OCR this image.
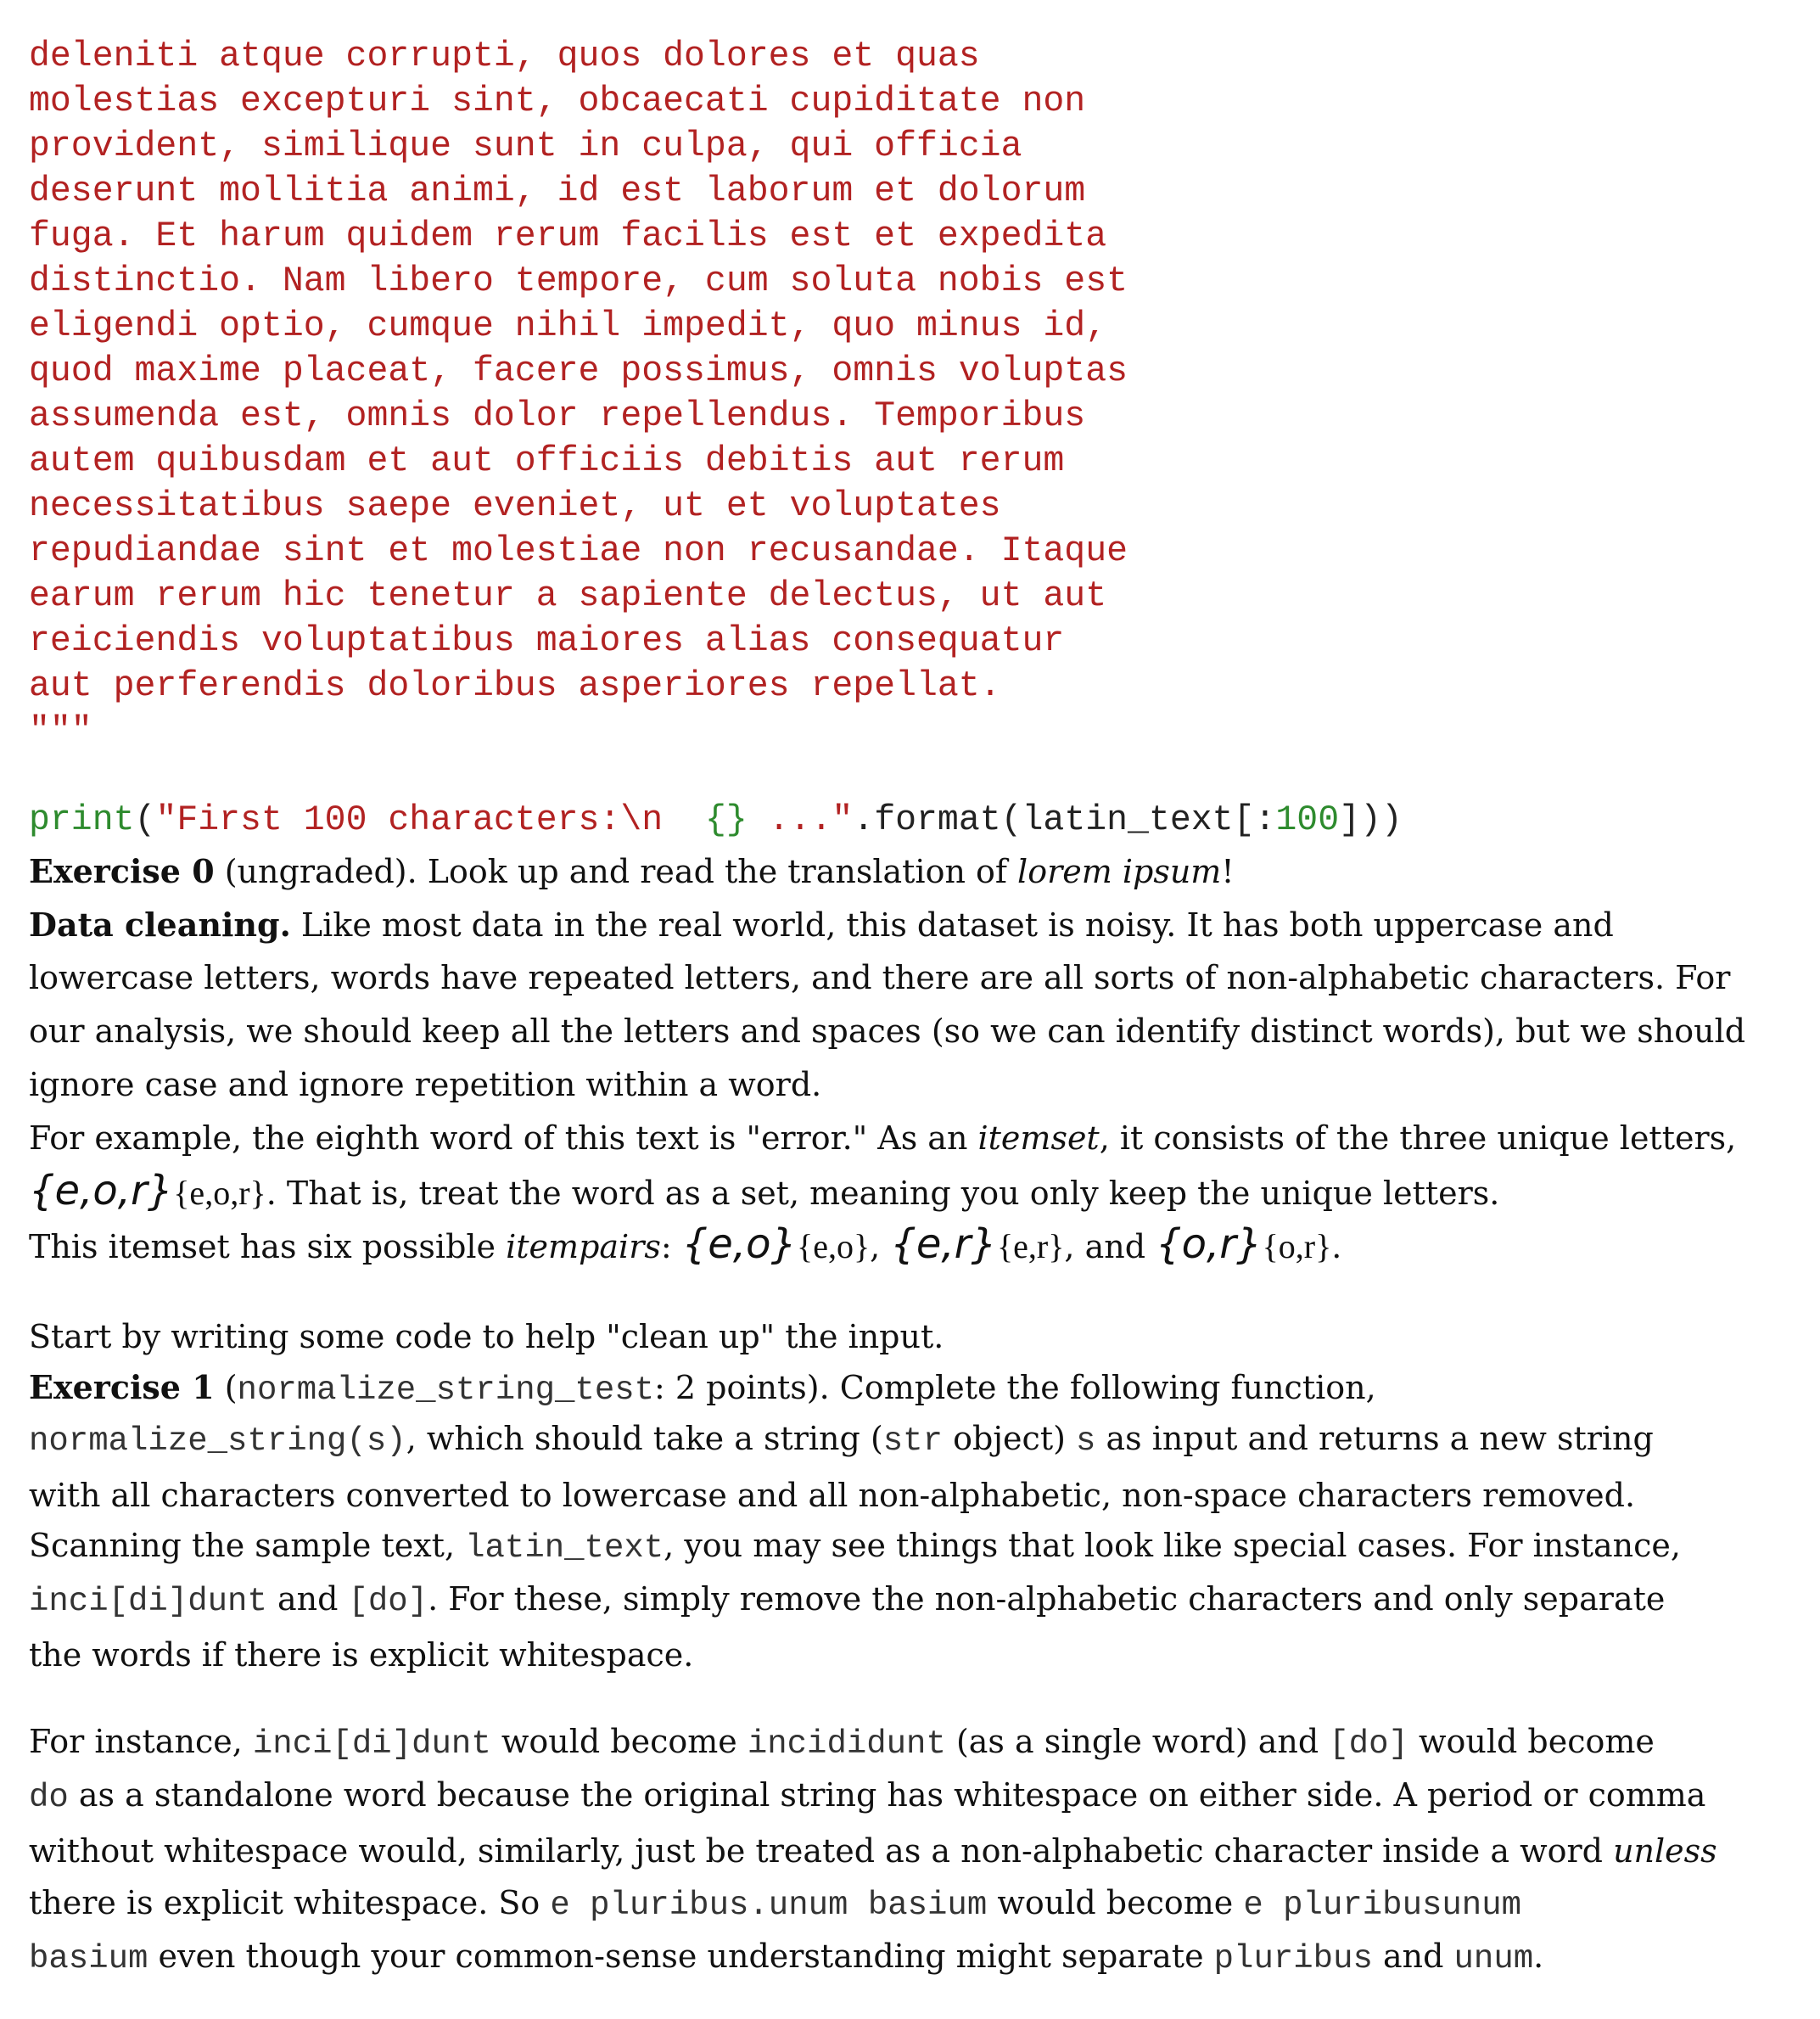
deleniti atque corrupti, quos dolores et quas
molestias excepturi sint, obcaecati cupiditate non
provident, similique sunt in culpa, qui officia
deserunt mollitia animi, id est laborum et dolorum
fuga. Et harum quidem rerum facilis est et expedita
distinctio. Nam libero tempore, cum soluta nobis est
eligendi optio, cumque nihil impedit, quo minus id,
quod maxime placeat, facere possimus, omnis voluptas
assumenda est, omnis dolor repellendus. Temporibus
autem quibusdam et aut officiis debitis aut rerum
necessitatibus saepe eveniet, ut et voluptates
repudiandae sint et molestiae non recusandae. Itaque
earum rerum hic tenetur a sapiente delectus, ut aut
reiciendis voluptatibus maiores alias consequatur
aut perferendis doloribus asperiores repellat.
"""
print("First 100 characters:\n  {} ...".format(latin_text[:100]))
Exercise 0 (ungraded). Look up and read the translation of lorem ipsum!
Data cleaning. Like most data in the real world, this dataset is noisy. It has both uppercase and
lowercase letters, words have repeated letters, and there are all sorts of non-alphabetic characters. For
our analysis, we should keep all the letters and spaces (so we can identify distinct words), but we should
ignore case and ignore repetition within a word.
For example, the eighth word of this text is "error." As an itemset, it consists of the three unique letters,
{e,o,r}{e,o,r}. That is, treat the word as a set, meaning you only keep the unique letters.
This itemset has six possible itempairs: {e,o}{e,o}, {e,r}{e,r}, and {o,r}{o,r}.
Start by writing some code to help "clean up" the input.
Exercise 1 (normalize_string_test: 2 points). Complete the following function,
normalize_string(s), which should take a string (str object) s as input and returns a new string
with all characters converted to lowercase and all non-alphabetic, non-space characters removed.
Scanning the sample text, latin_text, you may see things that look like special cases. For instance,
inci[di]dunt and [do]. For these, simply remove the non-alphabetic characters and only separate
the words if there is explicit whitespace.
For instance, inci[di]dunt would become incididunt (as a single word) and [do] would become
do as a standalone word because the original string has whitespace on either side. A period or comma
without whitespace would, similarly, just be treated as a non-alphabetic character inside a word unless
there is explicit whitespace. So e pluribus.unum basium would become e pluribusunum
basium even though your common-sense understanding might separate pluribus and unum.
